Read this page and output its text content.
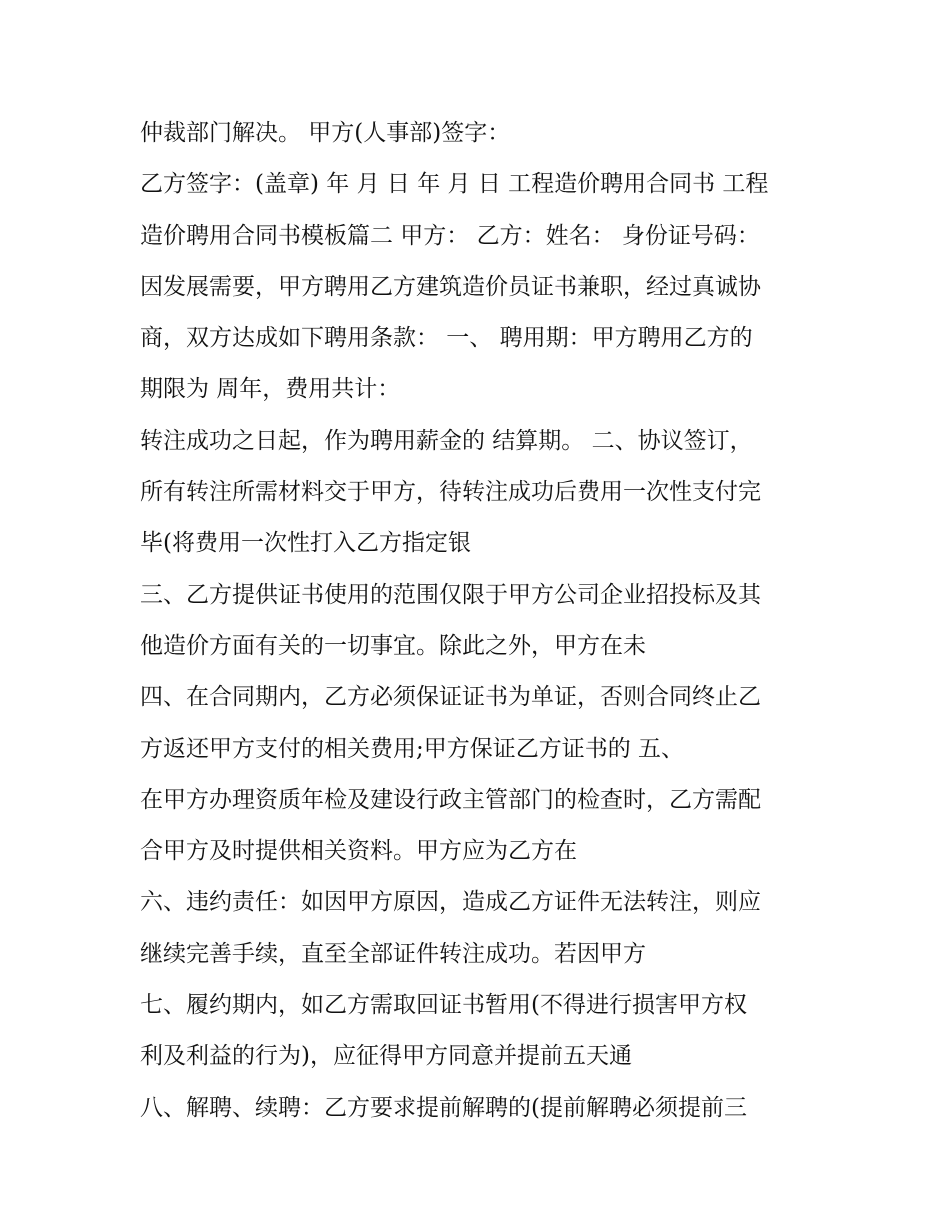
仲裁部门解决。 甲方(人事部)签字：
乙方签字：(盖章) 年 月 日 年 月 日 工程造价聘用合同书 工程
造价聘用合同书模板篇二 甲方： 乙方：姓名： 身份证号码：
因发展需要，甲方聘用乙方建筑造价员证书兼职，经过真诚协
商，双方达成如下聘用条款： 一、 聘用期：甲方聘用乙方的
期限为 周年，费用共计：
转注成功之日起，作为聘用薪金的 结算期。 二、协议签订，
所有转注所需材料交于甲方，待转注成功后费用一次性支付完
毕(将费用一次性打入乙方指定银
三、乙方提供证书使用的范围仅限于甲方公司企业招投标及其
他造价方面有关的一切事宜。除此之外，甲方在未
四、在合同期内，乙方必须保证证书为单证，否则合同终止乙
方返还甲方支付的相关费用;甲方保证乙方证书的 五、
在甲方办理资质年检及建设行政主管部门的检查时，乙方需配
合甲方及时提供相关资料。甲方应为乙方在
六、违约责任：如因甲方原因，造成乙方证件无法转注，则应
继续完善手续，直至全部证件转注成功。若因甲方
七、履约期内，如乙方需取回证书暂用(不得进行损害甲方权
利及利益的行为)，应征得甲方同意并提前五天通
八、解聘、续聘：乙方要求提前解聘的(提前解聘必须提前三
